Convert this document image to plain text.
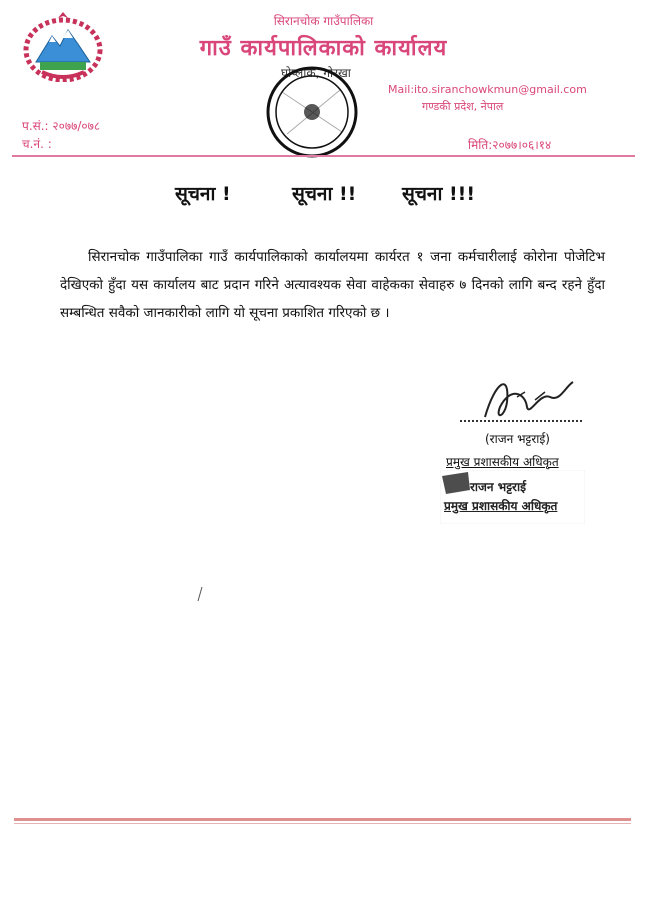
सिरानचोक गाउँपालिका
गाउँ कार्यपालिकाको कार्यालय
घोप्लाक, गोरखा
Mail:ito.siranchowkmun@gmail.com
गण्डकी प्रदेश, नेपाल
प.सं.: २०७७/०७८
च.नं. :	मिति:२०७७।०६।१४
सूचना !	सूचना !! सूचना !!!
सिरानचोक गाउँपालिका गाउँ कार्यपालिकाको कार्यालयमा कार्यरत १ जना कर्मचारीलाई कोरोना पोजेटिभ देखिएको हुँदा यस कार्यालय बाट प्रदान गरिने अत्यावश्यक सेवा वाहेकका सेवाहरु ७ दिनको लागि बन्द रहने हुँदा सम्बन्धित सवैको जानकारीको लागि यो सूचना प्रकाशित गरिएको छ ।
(राजन भट्टराई)
प्रमुख प्रशासकीय अधिकृत
राजन भट्टराई
प्रमुख प्रशासकीय अधिकृत
